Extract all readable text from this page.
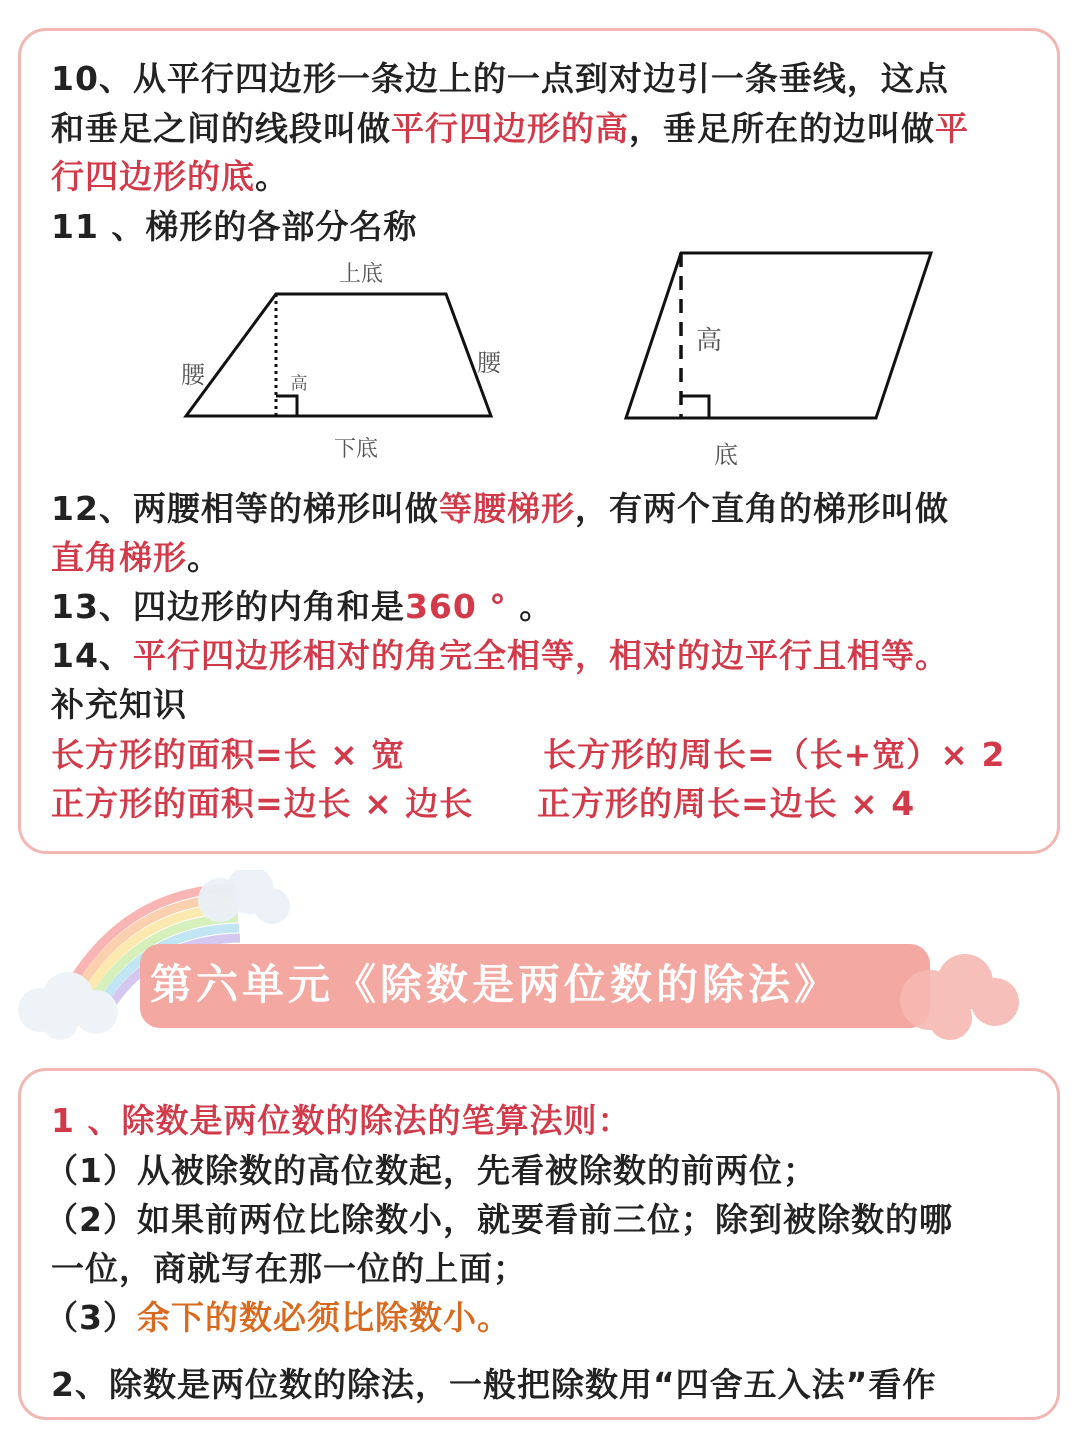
10、从平行四边形一条边上的一点到对边引一条垂线，这点
和垂足之间的线段叫做平行四边形的高，垂足所在的边叫做平
行四边形的底。
11 、梯形的各部分名称
上底
下底
腰	腰
高
高
底
12、两腰相等的梯形叫做等腰梯形，有两个直角的梯形叫做
直角梯形。
13、四边形的内角和是360 ° 。
14、平行四边形相对的角完全相等，相对的边平行且相等。
补充知识
长方形的面积=长 × 宽	长方形的周长=（长+宽）× 2
正方形的面积=边长 × 边长	正方形的周长=边长 × 4
第六单元《除数是两位数的除法》
1 、除数是两位数的除法的笔算法则：
（1）从被除数的高位数起，先看被除数的前两位；
（2）如果前两位比除数小，就要看前三位；除到被除数的哪
一位，商就写在那一位的上面；
（3）余下的数必须比除数小。
2、除数是两位数的除法，一般把除数用“四舍五入法”看作
